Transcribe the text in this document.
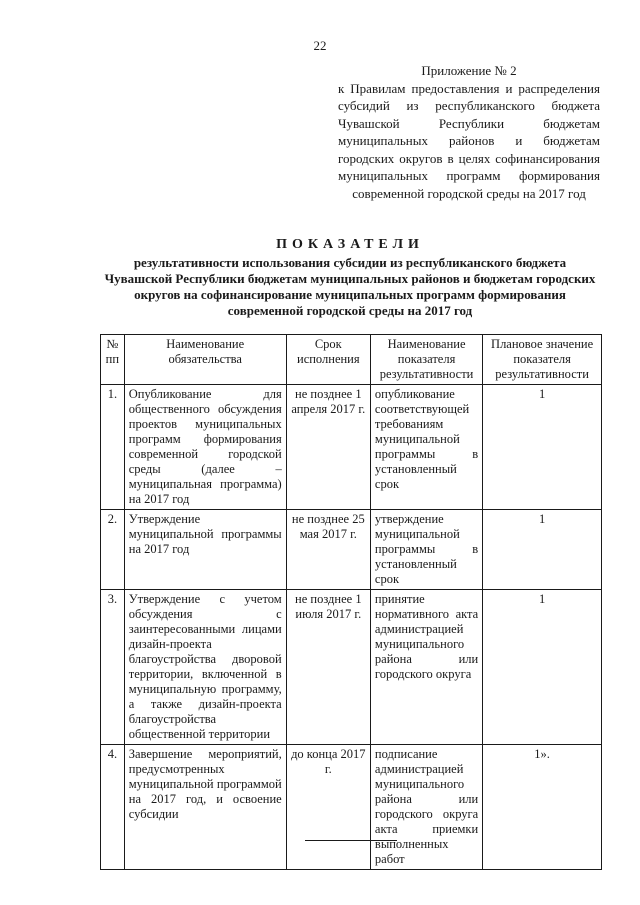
22
Приложение № 2
к Правилам предоставления и распределения субсидий из республиканского бюджета Чувашской Республики бюджетам муниципальных районов и бюджетам городских округов в целях софинансирования муниципальных программ формирования современной городской среды на 2017 год
ПОКАЗАТЕЛИ
результативности использования субсидии из республиканского бюджета Чувашской Республики бюджетам муниципальных районов и бюджетам городских округов на софинансирование муниципальных программ формирования современной городской среды на 2017 год
№ пп	Наименование обязательства	Срок исполнения	Наименование показателя результативности	Плановое значение показателя результативности
1.	Опубликование для общественного обсуждения проектов муниципальных программ формирования современной городской среды (далее – муниципальная программа) на 2017 год	не позднее 1 апреля 2017 г.	опубликование соответствующей требованиям муниципальной программы в установленный срок	1
2.	Утверждение муниципальной программы на 2017 год	не позднее 25 мая 2017 г.	утверждение муниципальной программы в установленный срок	1
3.	Утверждение с учетом обсуждения с заинтересованными лицами дизайн-проекта благоустройства дворовой территории, включенной в муниципальную программу, а также дизайн-проекта благоустройства общественной территории	не позднее 1 июля 2017 г.	принятие нормативного акта администрацией муниципального района или городского округа	1
4.	Завершение мероприятий, предусмотренных муниципальной программой на 2017 год, и освоение субсидии	до конца 2017 г.	подписание администрацией муниципального района или городского округа акта приемки выполненных работ	1».
